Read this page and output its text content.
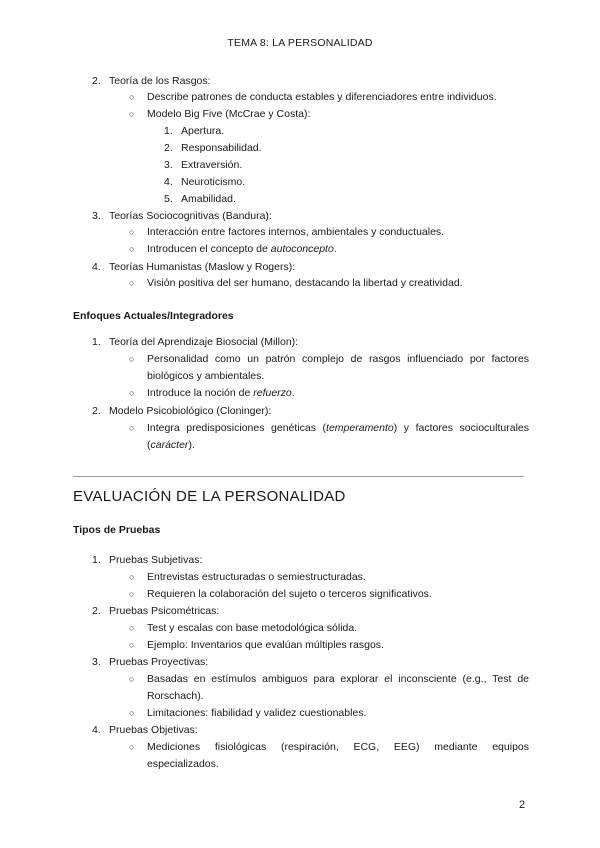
TEMA 8: LA PERSONALIDAD
2. Teoría de los Rasgos:
○ Describe patrones de conducta estables y diferenciadores entre individuos.
○ Modelo Big Five (McCrae y Costa):
1. Apertura.
2. Responsabilidad.
3. Extraversión.
4. Neuroticismo.
5. Amabilidad.
3. Teorías Sociocognitivas (Bandura):
○ Interacción entre factores internos, ambientales y conductuales.
○ Introducen el concepto de autoconcepto.
4. Teorías Humanistas (Maslow y Rogers):
○ Visión positiva del ser humano, destacando la libertad y creatividad.
Enfoques Actuales/Integradores
1. Teoría del Aprendizaje Biosocial (Millon):
○ Personalidad como un patrón complejo de rasgos influenciado por factores
biológicos y ambientales.
○ Introduce la noción de refuerzo.
2. Modelo Psicobiológico (Cloninger):
○ Integra predisposiciones genéticas (temperamento) y factores socioculturales
(carácter).
EVALUACIÓN DE LA PERSONALIDAD
Tipos de Pruebas
1. Pruebas Subjetivas:
○ Entrevistas estructuradas o semiestructuradas.
○ Requieren la colaboración del sujeto o terceros significativos.
2. Pruebas Psicométricas:
○ Test y escalas con base metodológica sólida.
○ Ejemplo: Inventarios que evalúan múltiples rasgos.
3. Pruebas Proyectivas:
○ Basadas en estímulos ambiguos para explorar el inconsciente (e.g., Test de
Rorschach).
○ Limitaciones: fiabilidad y validez cuestionables.
4. Pruebas Objetivas:
○ Mediciones fisiológicas (respiración, ECG, EEG) mediante equipos
especializados.
2
